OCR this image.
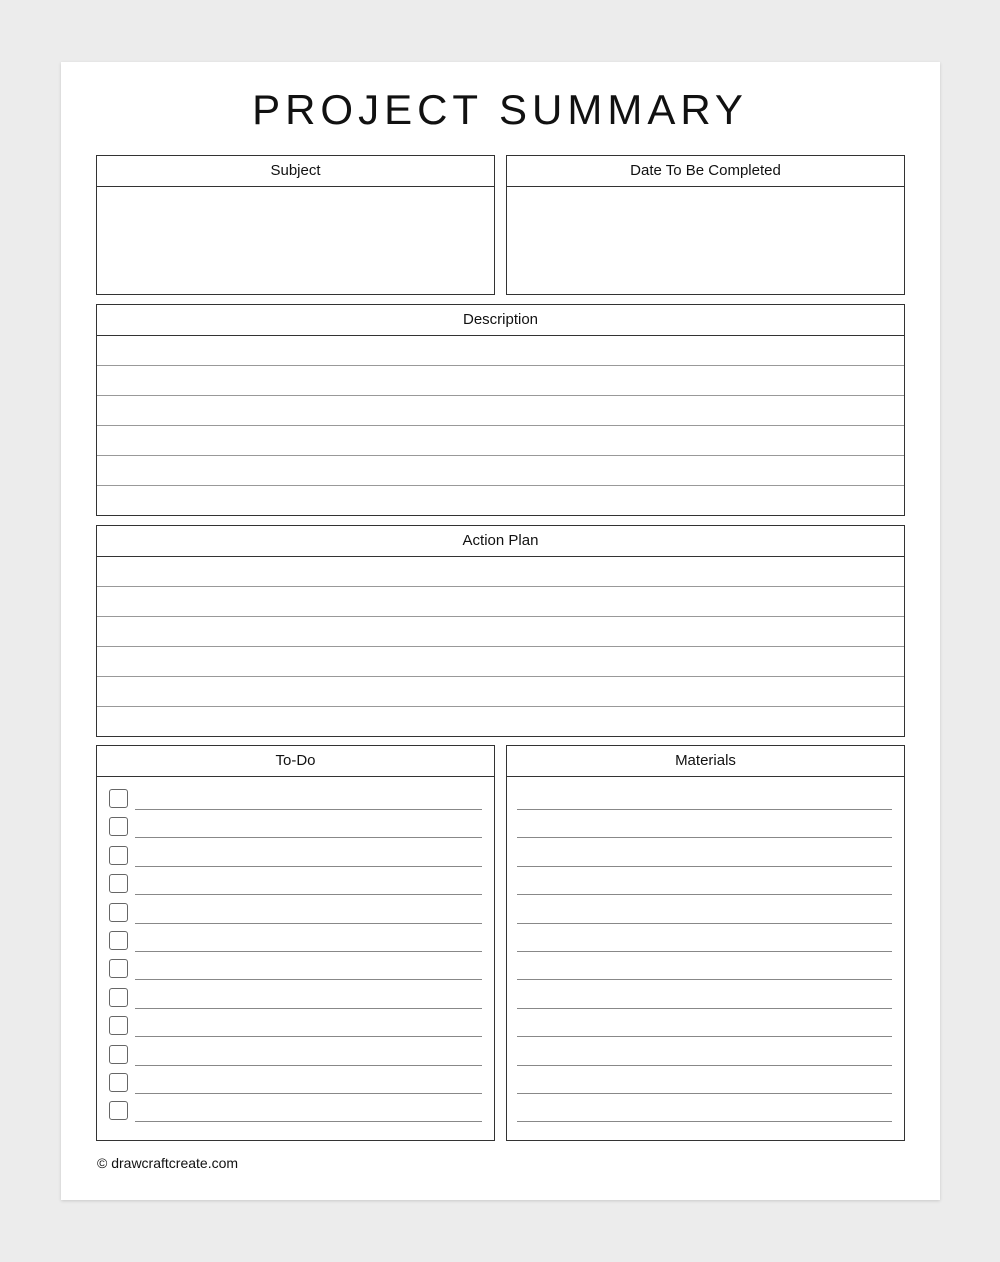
PROJECT SUMMARY
Subject	Date To Be Completed
Description
Action Plan
To-Do	Materials
© drawcraftcreate.com
